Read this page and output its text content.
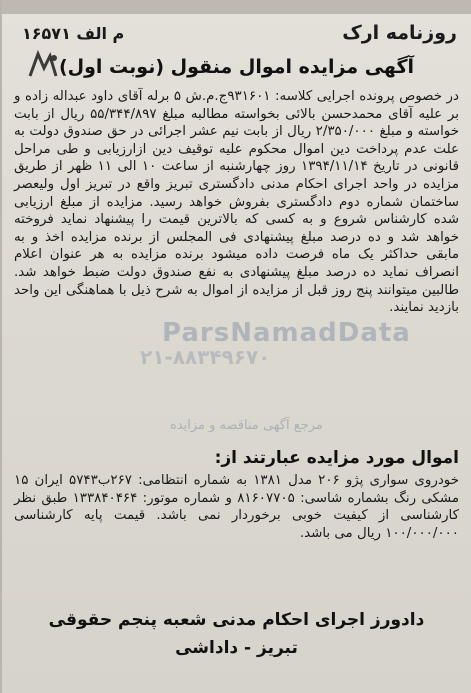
روزنامه ارک
م الف ۱۶۵۷۱
آگهی مزایده اموال منقول (نوبت اول)
در خصوص پرونده اجرایی کلاسه: ۹۳۱۶۰۱ج.م.ش ۵ برله آقای داود عبداله زاده و بر علیه آقای محمدحسن بالائی بخواسته مطالبه مبلغ ۵۵/۳۴۴/۸۹۷ ریال از بابت خواسته و مبلغ ۲/۳۵۰/۰۰۰ ریال از بابت نیم عشر اجرائی در حق صندوق دولت به علت عدم پرداخت دین اموال محکوم علیه توقیف دین ازارزیابی و طی مراحل قانونی در تاریخ ۱۳۹۴/۱۱/۱۴ روز چهارشنبه از ساعت ۱۰ الی ۱۱ ظهر از طریق مزایده در واحد اجرای احکام مدنی دادگستری تبریز واقع در تبریز اول ولیعصر ساختمان شماره دوم دادگستری بفروش خواهد رسید. مزایده از مبلغ ارزیابی شده کارشناس شروع و به کسی که بالاترین قیمت را پیشنهاد نماید فروخته خواهد شد و ده درصد مبلغ پیشنهادی فی المجلس از برنده مزایده اخذ و به مابقی حداکثر یک ماه فرصت داده میشود برنده مزایده به هر عنوان اعلام انصراف نماید ده درصد مبلغ پیشنهادی به نفع صندوق دولت ضبط خواهد شد. طالبین میتوانند پنج روز قبل از مزایده از اموال به شرح ذیل با هماهنگی این واحد بازدید نمایند.
ParsNamadData
۲۱-۸۸۳۴۹۶۷۰
مرجع آگهی مناقصه و مزایده
اموال مورد مزایده عبارتند از:
خودروی سواری پژو ۲۰۶ مدل ۱۳۸۱ به شماره انتظامی: ۲۶۷ب۵۷۴۳ ایران ۱۵ مشکی رنگ بشماره شاسی: ۸۱۶۰۷۷۰۵ و شماره موتور: ۱۳۳۸۴۰۴۶۴ طبق نظر کارشناسی از کیفیت خوبی برخوردار نمی باشد. قیمت پایه کارشناسی ۱۰۰/۰۰۰/۰۰۰ ریال می باشد.
دادورز اجرای احکام مدنی شعبه پنجم حقوقی
تبریز - داداشی
